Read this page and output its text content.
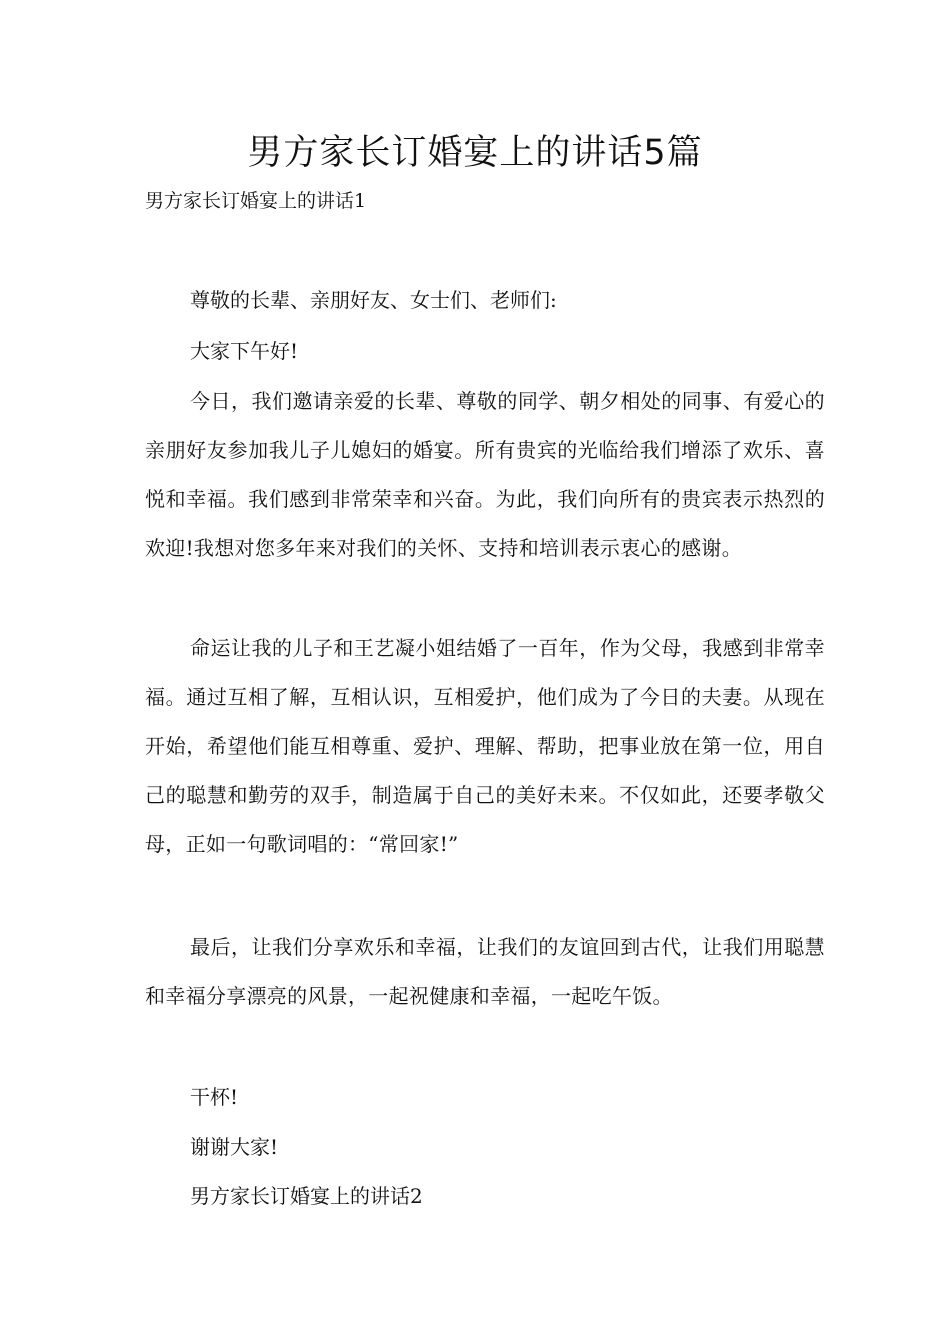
男方家长订婚宴上的讲话5篇

男方家长订婚宴上的讲话1

尊敬的长辈、亲朋好友、女士们、老师们:

大家下午好!

今日，我们邀请亲爱的长辈、尊敬的同学、朝夕相处的同事、有爱心的亲朋好友参加我儿子儿媳妇的婚宴。所有贵宾的光临给我们增添了欢乐、喜悦和幸福。我们感到非常荣幸和兴奋。为此，我们向所有的贵宾表示热烈的欢迎!我想对您多年来对我们的关怀、支持和培训表示衷心的感谢。

命运让我的儿子和王艺凝小姐结婚了一百年，作为父母，我感到非常幸福。通过互相了解，互相认识，互相爱护，他们成为了今日的夫妻。从现在开始，希望他们能互相尊重、爱护、理解、帮助，把事业放在第一位，用自己的聪慧和勤劳的双手，制造属于自己的美好未来。不仅如此，还要孝敬父母，正如一句歌词唱的：“常回家!”

最后，让我们分享欢乐和幸福，让我们的友谊回到古代，让我们用聪慧和幸福分享漂亮的风景，一起祝健康和幸福，一起吃午饭。

干杯!

谢谢大家!

男方家长订婚宴上的讲话2
